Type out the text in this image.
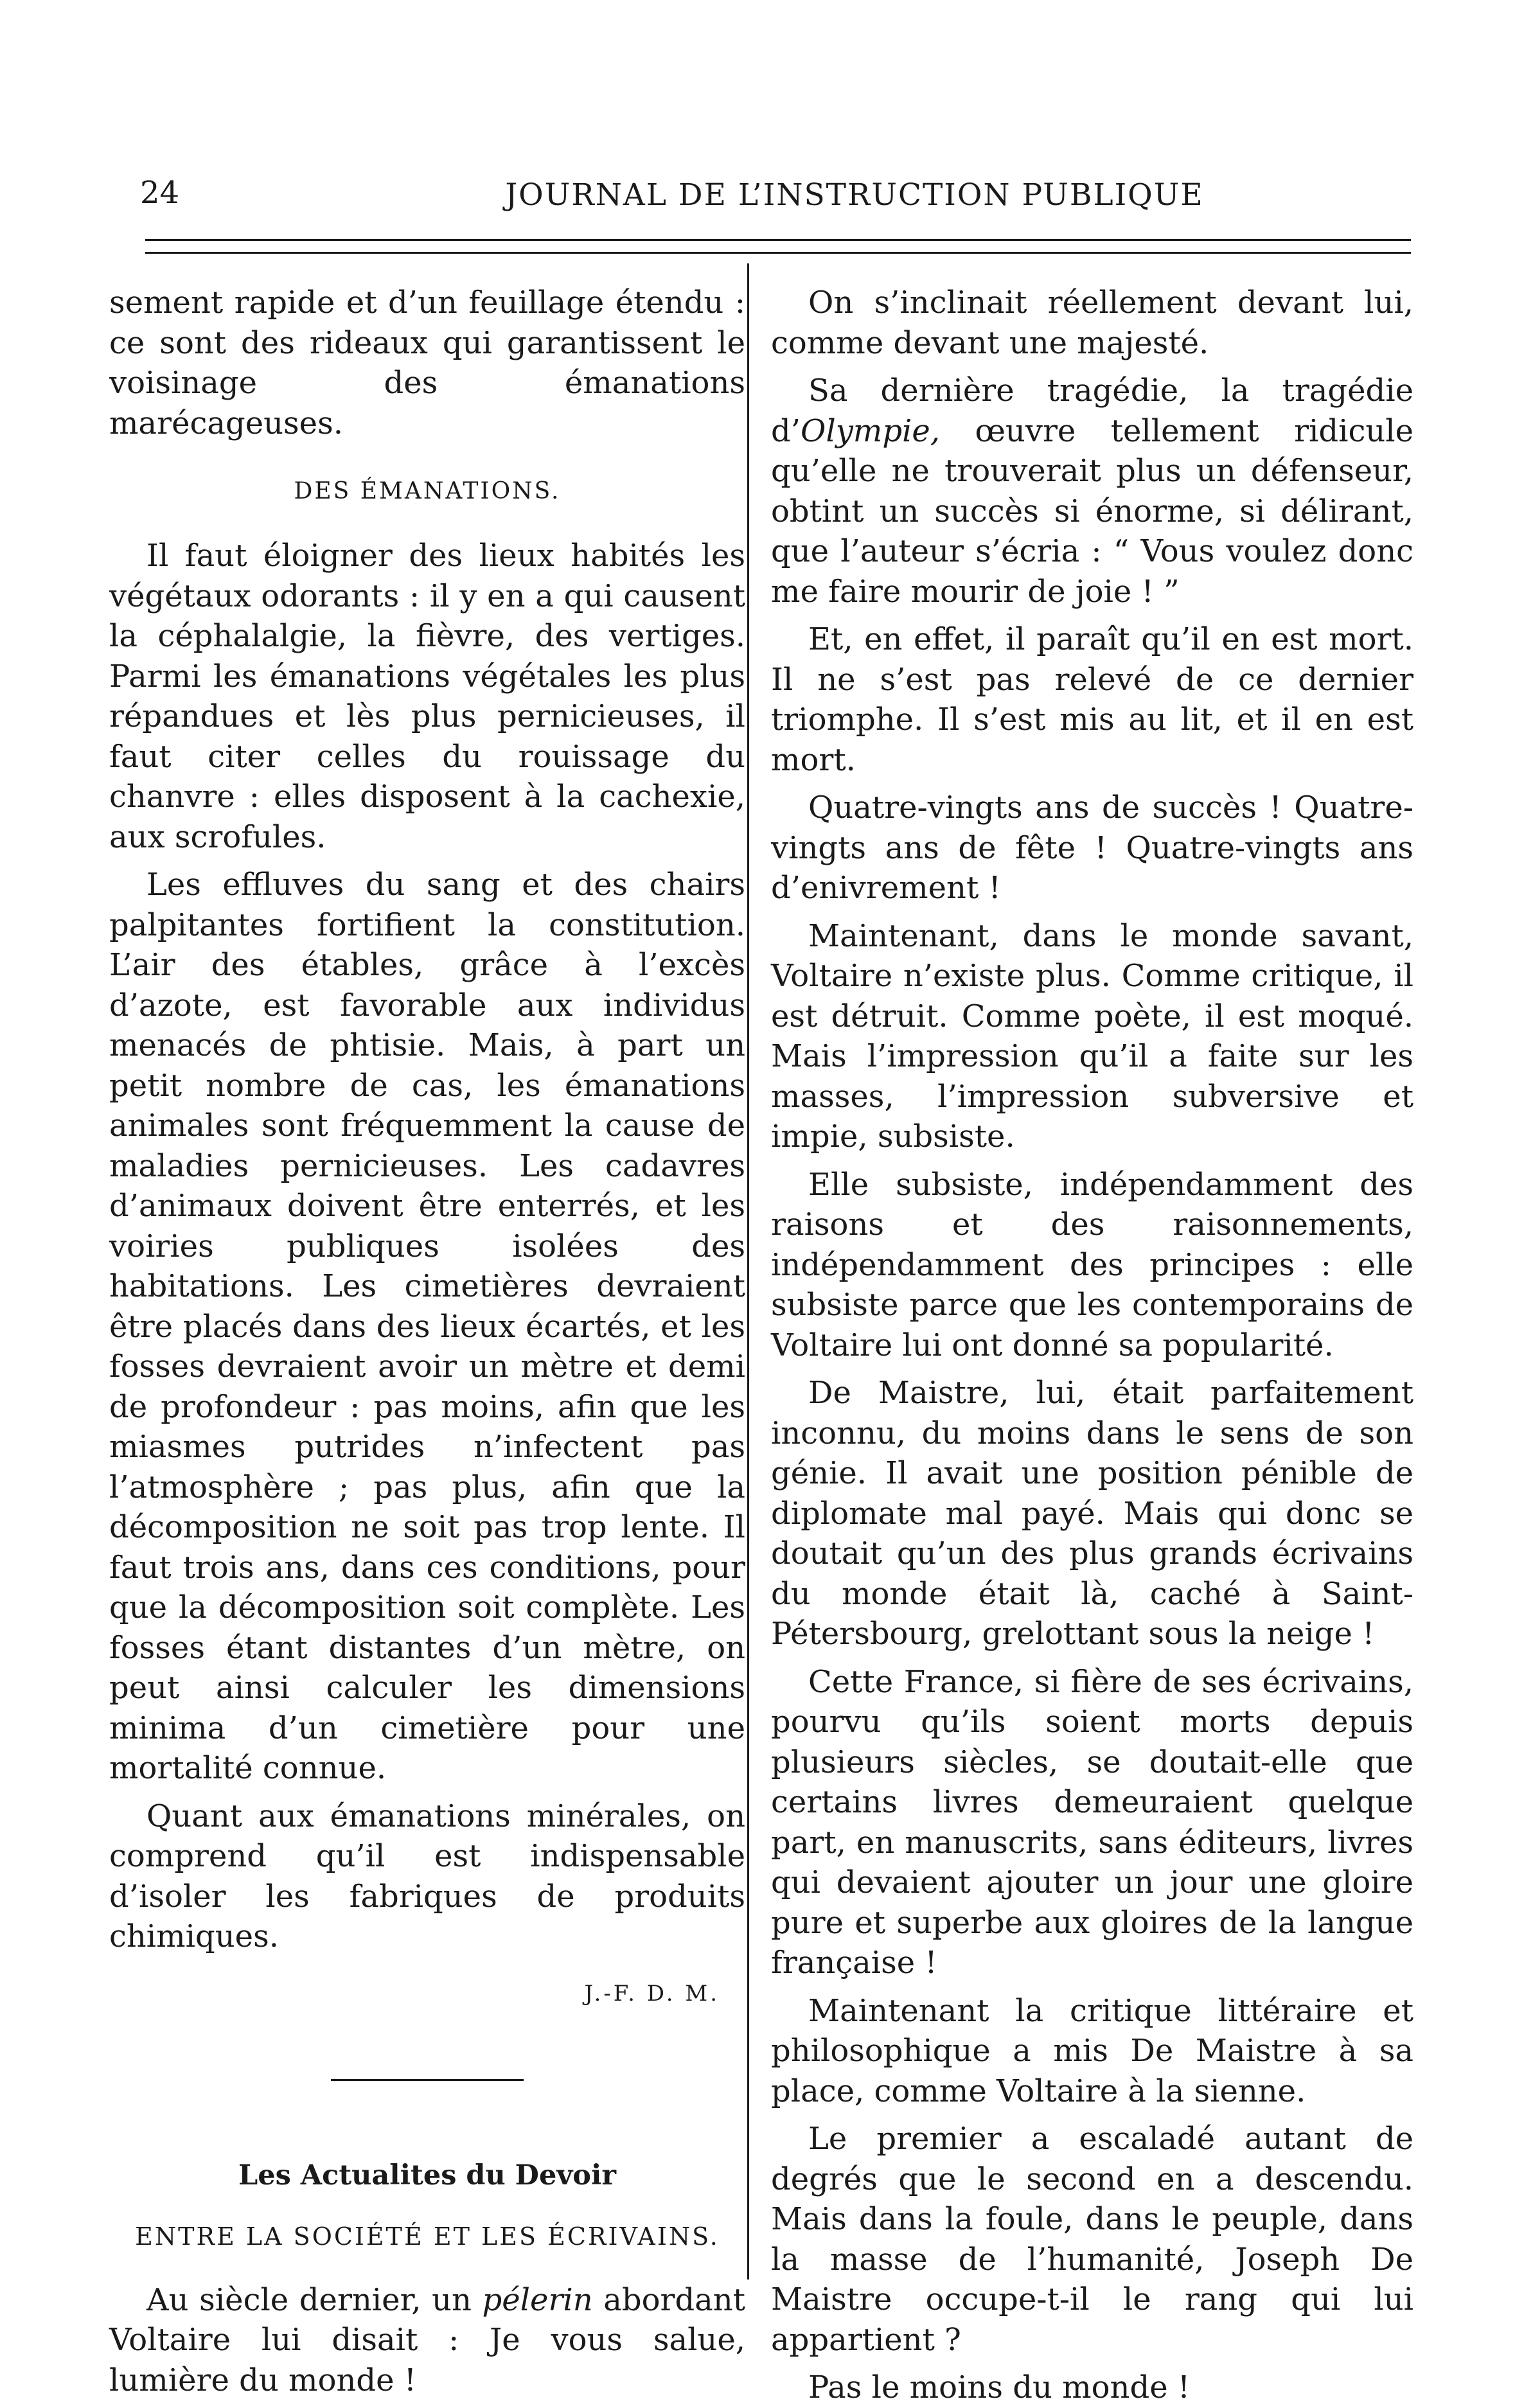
24	JOURNAL DE L’INSTRUCTION PUBLIQUE

sement rapide et d’un feuillage étendu : ce sont des rideaux qui garantissent le voisinage des émanations marécageuses.

DES ÉMANATIONS.

Il faut éloigner des lieux habités les végétaux odorants : il y en a qui causent la céphalalgie, la fièvre, des vertiges. Parmi les émanations végétales les plus répandues et lès plus pernicieuses, il faut citer celles du rouissage du chanvre : elles disposent à la cachexie, aux scrofules.

Les effluves du sang et des chairs palpitantes fortifient la constitution. L’air des étables, grâce à l’excès d’azote, est favorable aux individus menacés de phtisie. Mais, à part un petit nombre de cas, les émanations animales sont fréquemment la cause de maladies pernicieuses. Les cadavres d’animaux doivent être enterrés, et les voiries publiques isolées des habitations. Les cimetières devraient être placés dans des lieux écartés, et les fosses devraient avoir un mètre et demi de profondeur : pas moins, afin que les miasmes putrides n’infectent pas l’atmosphère ; pas plus, afin que la décomposition ne soit pas trop lente. Il faut trois ans, dans ces conditions, pour que la décomposition soit complète. Les fosses étant distantes d’un mètre, on peut ainsi calculer les dimensions minima d’un cimetière pour une mortalité connue.

Quant aux émanations minérales, on comprend qu’il est indispensable d’isoler les fabriques de produits chimiques.

J.-F. D. M.
Les Actualites du Devoir
ENTRE LA SOCIÉTÉ ET LES ÉCRIVAINS.

Au siècle dernier, un pélerin abordant Voltaire lui disait : Je vous salue, lumière du monde !

On s’inclinait réellement devant lui, comme devant une majesté.

Sa dernière tragédie, la tragédie d’Olympie, œuvre tellement ridicule qu’elle ne trouverait plus un défenseur, obtint un succès si énorme, si délirant, que l’auteur s’écria : “ Vous voulez donc me faire mourir de joie ! ”

Et, en effet, il paraît qu’il en est mort. Il ne s’est pas relevé de ce dernier triomphe. Il s’est mis au lit, et il en est mort.

Quatre-vingts ans de succès ! Quatre-vingts ans de fête ! Quatre-vingts ans d’enivrement !

Maintenant, dans le monde savant, Voltaire n’existe plus. Comme critique, il est détruit. Comme poète, il est moqué. Mais l’impression qu’il a faite sur les masses, l’impression subversive et impie, subsiste.

Elle subsiste, indépendamment des raisons et des raisonnements, indépendamment des principes : elle subsiste parce que les contemporains de Voltaire lui ont donné sa popularité.

De Maistre, lui, était parfaitement inconnu, du moins dans le sens de son génie. Il avait une position pénible de diplomate mal payé. Mais qui donc se doutait qu’un des plus grands écrivains du monde était là, caché à Saint-Pétersbourg, grelottant sous la neige !

Cette France, si fière de ses écrivains, pourvu qu’ils soient morts depuis plusieurs siècles, se doutait-elle que certains livres demeuraient quelque part, en manuscrits, sans éditeurs, livres qui devaient ajouter un jour une gloire pure et superbe aux gloires de la langue française !

Maintenant la critique littéraire et philosophique a mis De Maistre à sa place, comme Voltaire à la sienne.

Le premier a escaladé autant de degrés que le second en a descendu. Mais dans la foule, dans le peuple, dans la masse de l’humanité, Joseph De Maistre occupe-t-il le rang qui lui appartient ?

Pas le moins du monde !
